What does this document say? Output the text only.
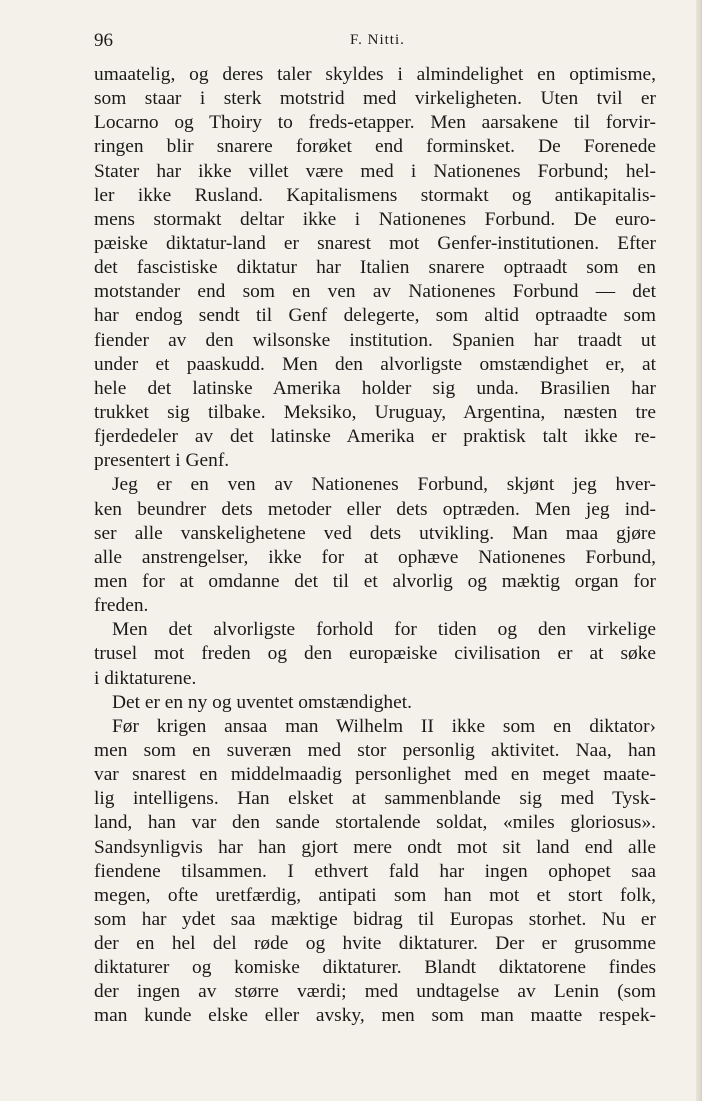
96	F. Nitti.
umaatelig, og deres taler skyldes i almindelighet en optimisme,
som staar i sterk motstrid med virkeligheten. Uten tvil er
Locarno og Thoiry to freds-etapper. Men aarsakene til forvir-
ringen blir snarere forøket end forminsket. De Forenede
Stater har ikke villet være med i Nationenes Forbund; hel-
ler ikke Rusland. Kapitalismens stormakt og antikapitalis-
mens stormakt deltar ikke i Nationenes Forbund. De euro-
pæiske diktatur-land er snarest mot Genfer-institutionen. Efter
det fascistiske diktatur har Italien snarere optraadt som en
motstander end som en ven av Nationenes Forbund — det
har endog sendt til Genf delegerte, som altid optraadte som
fiender av den wilsonske institution. Spanien har traadt ut
under et paaskudd. Men den alvorligste omstændighet er, at
hele det latinske Amerika holder sig unda. Brasilien har
trukket sig tilbake. Meksiko, Uruguay, Argentina, næsten tre
fjerdedeler av det latinske Amerika er praktisk talt ikke re-
presentert i Genf.
Jeg er en ven av Nationenes Forbund, skjønt jeg hver-
ken beundrer dets metoder eller dets optræden. Men jeg ind-
ser alle vanskelighetene ved dets utvikling. Man maa gjøre
alle anstrengelser, ikke for at ophæve Nationenes Forbund,
men for at omdanne det til et alvorlig og mæktig organ for
freden.
Men det alvorligste forhold for tiden og den virkelige
trusel mot freden og den europæiske civilisation er at søke
i diktaturene.
Det er en ny og uventet omstændighet.
Før krigen ansaa man Wilhelm II ikke som en diktator›
men som en suveræn med stor personlig aktivitet. Naa, han
var snarest en middelmaadig personlighet med en meget maate-
lig intelligens. Han elsket at sammenblande sig med Tysk-
land, han var den sande stortalende soldat, «miles gloriosus».
Sandsynligvis har han gjort mere ondt mot sit land end alle
fiendene tilsammen. I ethvert fald har ingen ophopet saa
megen, ofte uretfærdig, antipati som han mot et stort folk,
som har ydet saa mæktige bidrag til Europas storhet. Nu er
der en hel del røde og hvite diktaturer. Der er grusomme
diktaturer og komiske diktaturer. Blandt diktatorene findes
der ingen av større værdi; med undtagelse av Lenin (som
man kunde elske eller avsky, men som man maatte respek-
